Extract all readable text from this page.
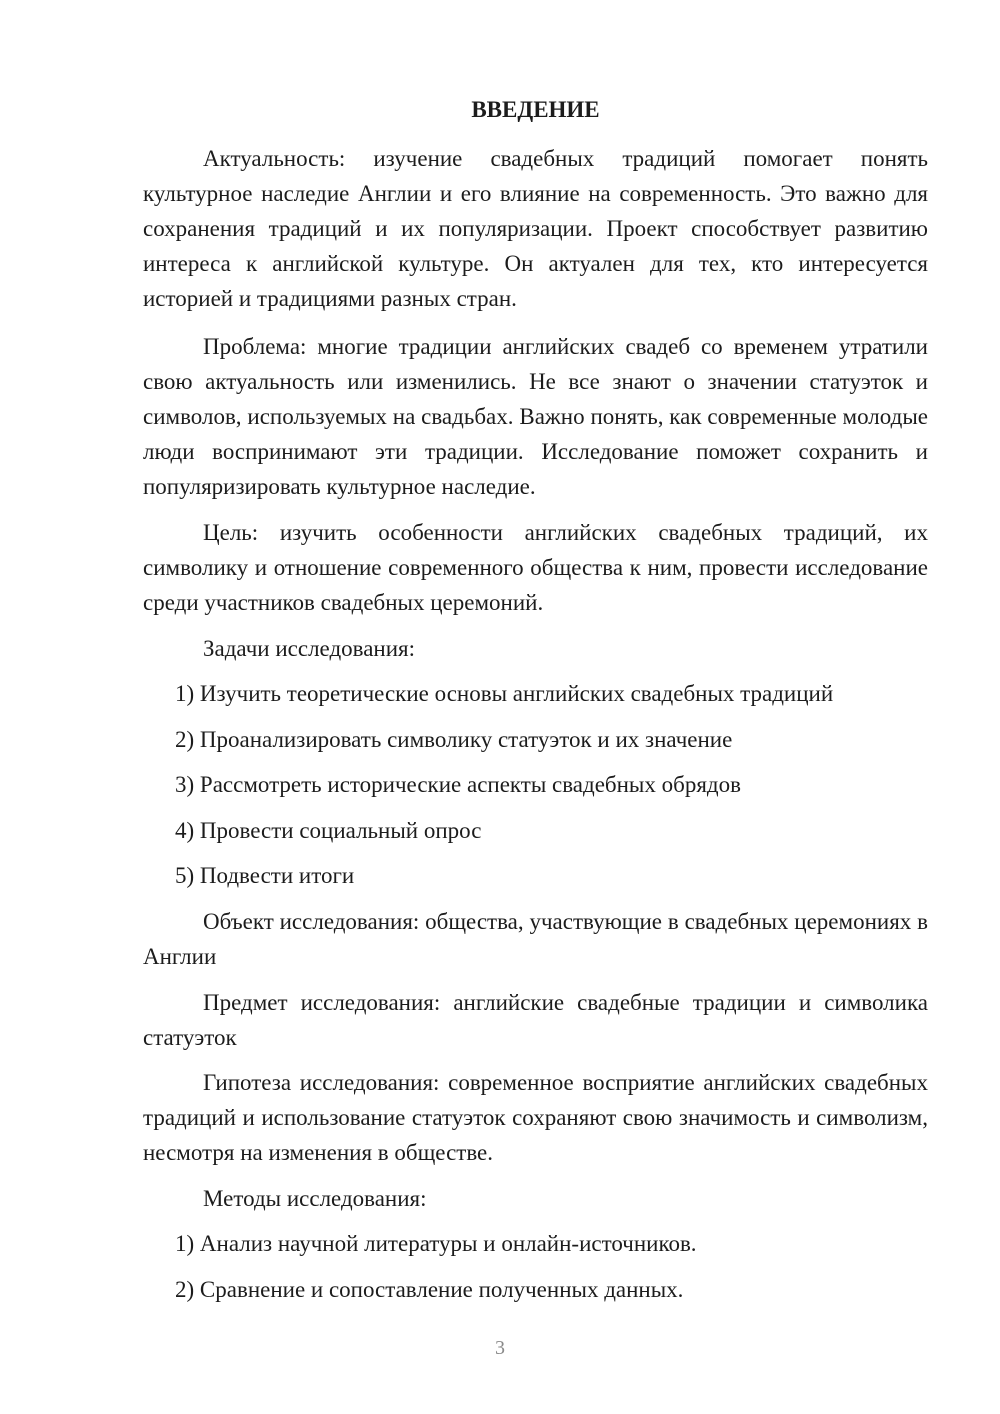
ВВЕДЕНИЕ

Актуальность: изучение свадебных традиций помогает понять культурное наследие Англии и его влияние на современность. Это важно для сохранения традиций и их популяризации. Проект способствует развитию интереса к английской культуре. Он актуален для тех, кто интересуется историей и традициями разных стран.

Проблема: многие традиции английских свадеб со временем утратили свою актуальность или изменились. Не все знают о значении статуэток и символов, используемых на свадьбах. Важно понять, как современные молодые люди воспринимают эти традиции. Исследование поможет сохранить и популяризировать культурное наследие.

Цель: изучить особенности английских свадебных традиций, их символику и отношение современного общества к ним, провести исследование среди участников свадебных церемоний.

Задачи исследования:

1) Изучить теоретические основы английских свадебных традиций

2) Проанализировать символику статуэток и их значение

3) Рассмотреть исторические аспекты свадебных обрядов

4) Провести социальный опрос

5) Подвести итоги

Объект исследования: общества, участвующие в свадебных церемониях в Англии

Предмет исследования: английские свадебные традиции и символика статуэток

Гипотеза исследования: современное восприятие английских свадебных традиций и использование статуэток сохраняют свою значимость и символизм, несмотря на изменения в обществе.

Методы исследования:

1) Анализ научной литературы и онлайн-источников.

2) Сравнение и сопоставление полученных данных.

3
